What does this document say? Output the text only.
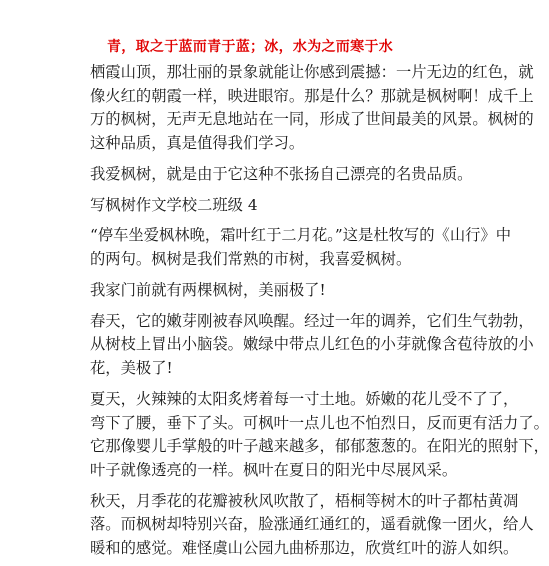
青，取之于蓝而青于蓝；冰，水为之而寒于水
栖霞山顶，那壮丽的景象就能让你感到震撼：一片无边的红色，就
像火红的朝霞一样，映进眼帘。那是什么？那就是枫树啊！成千上
万的枫树，无声无息地站在一同，形成了世间最美的风景。枫树的
这种品质，真是值得我们学习。
我爱枫树，就是由于它这种不张扬自己漂亮的名贵品质。
写枫树作文学校二班级 4
“停车坐爱枫林晚，霜叶红于二月花。”这是杜牧写的《山行》中
的两句。枫树是我们常熟的市树，我喜爱枫树。
我家门前就有两棵枫树，美丽极了!
春天，它的嫩芽刚被春风唤醒。经过一年的调养，它们生气勃勃，
从树枝上冒出小脑袋。嫩绿中带点儿红色的小芽就像含苞待放的小
花，美极了!
夏天，火辣辣的太阳炙烤着每一寸土地。娇嫩的花儿受不了了，
弯下了腰，垂下了头。可枫叶一点儿也不怕烈日，反而更有活力了。
它那像婴儿手掌般的叶子越来越多，郁郁葱葱的。在阳光的照射下，
叶子就像透亮的一样。枫叶在夏日的阳光中尽展风采。
秋天，月季花的花瓣被秋风吹散了，梧桐等树木的叶子都枯黄凋
落。而枫树却特别兴奋，脸涨通红通红的，遥看就像一团火，给人
暖和的感觉。难怪虞山公园九曲桥那边，欣赏红叶的游人如织。
